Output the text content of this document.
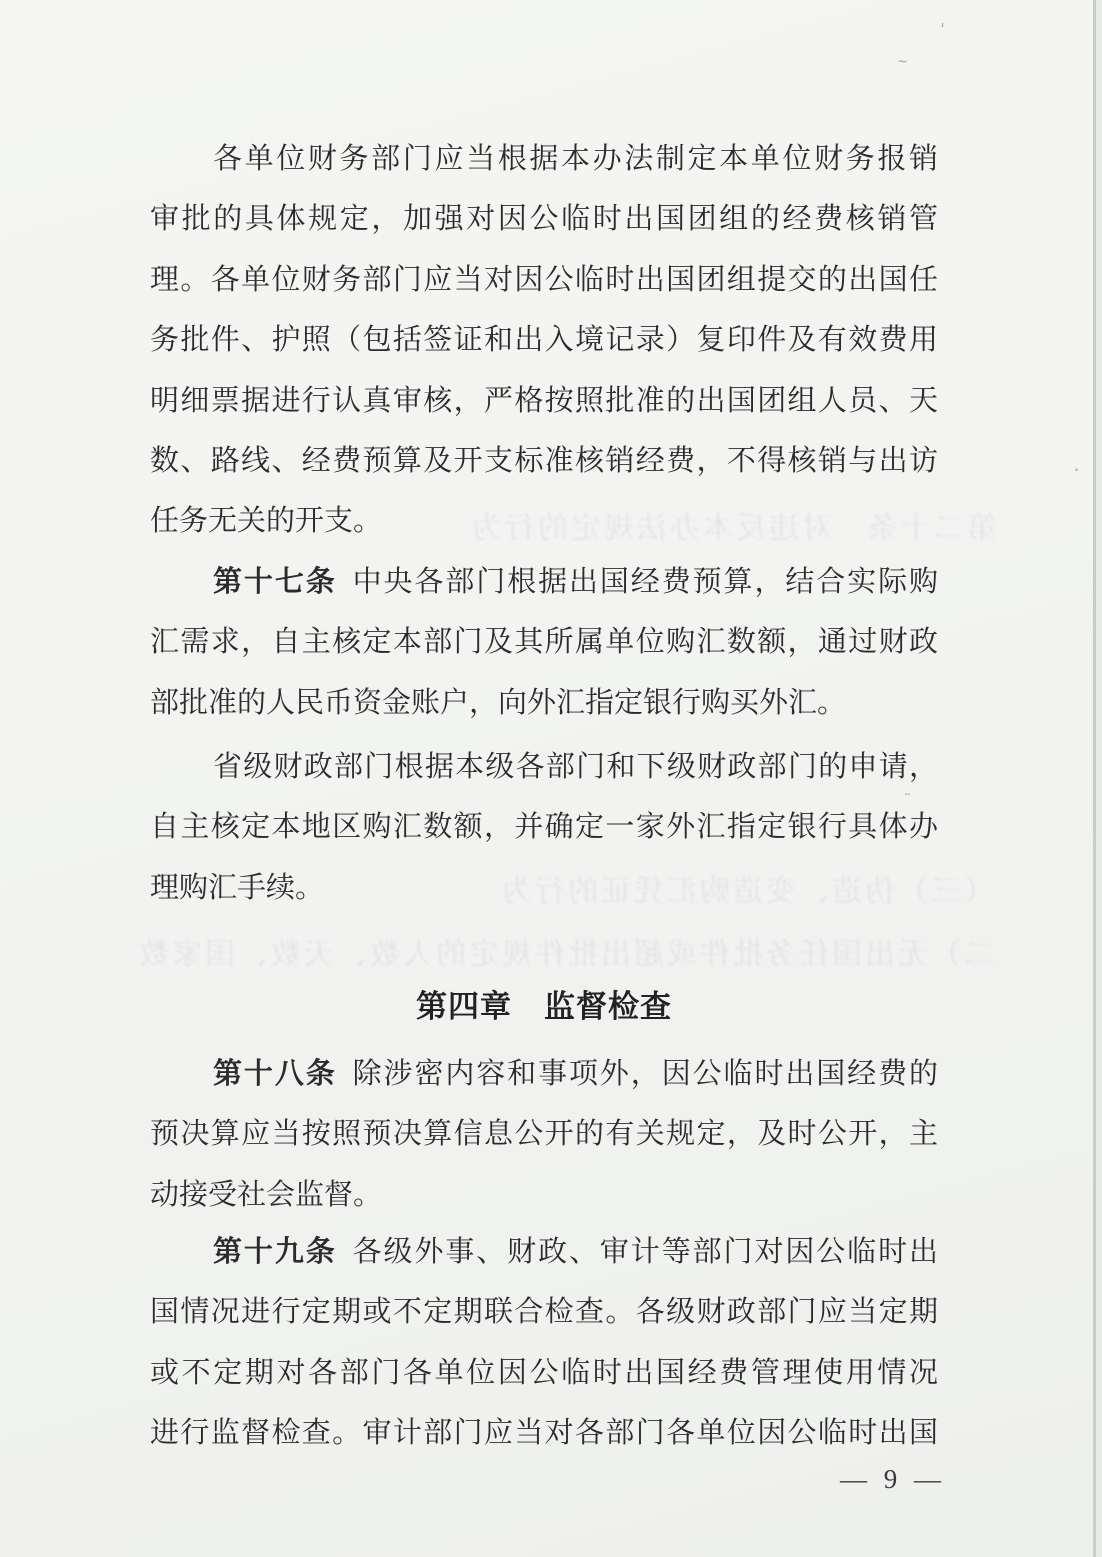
各单位财务部门应当根据本办法制定本单位财务报销
审批的具体规定，加强对因公临时出国团组的经费核销管
理。各单位财务部门应当对因公临时出国团组提交的出国任
务批件、护照（包括签证和出入境记录）复印件及有效费用
明细票据进行认真审核，严格按照批准的出国团组人员、天
数、路线、经费预算及开支标准核销经费，不得核销与出访
任务无关的开支。
第十七条 中央各部门根据出国经费预算，结合实际购
汇需求，自主核定本部门及其所属单位购汇数额，通过财政
部批准的人民币资金账户，向外汇指定银行购买外汇。
省级财政部门根据本级各部门和下级财政部门的申请，
自主核定本地区购汇数额，并确定一家外汇指定银行具体办
理购汇手续。
第四章　监督检查
第十八条 除涉密内容和事项外，因公临时出国经费的
预决算应当按照预决算信息公开的有关规定，及时公开，主
动接受社会监督。
第十九条 各级外事、财政、审计等部门对因公临时出
国情况进行定期或不定期联合检查。各级财政部门应当定期
或不定期对各部门各单位因公临时出国经费管理使用情况
进行监督检查。审计部门应当对各部门各单位因公临时出国
— 9 —
第二十条　对违反本办法规定的行为
（三）伪造、变造购汇凭证的行为
二）无出国任务批件或超出批件规定的人数、天数、国家数
'
~
·
¨
